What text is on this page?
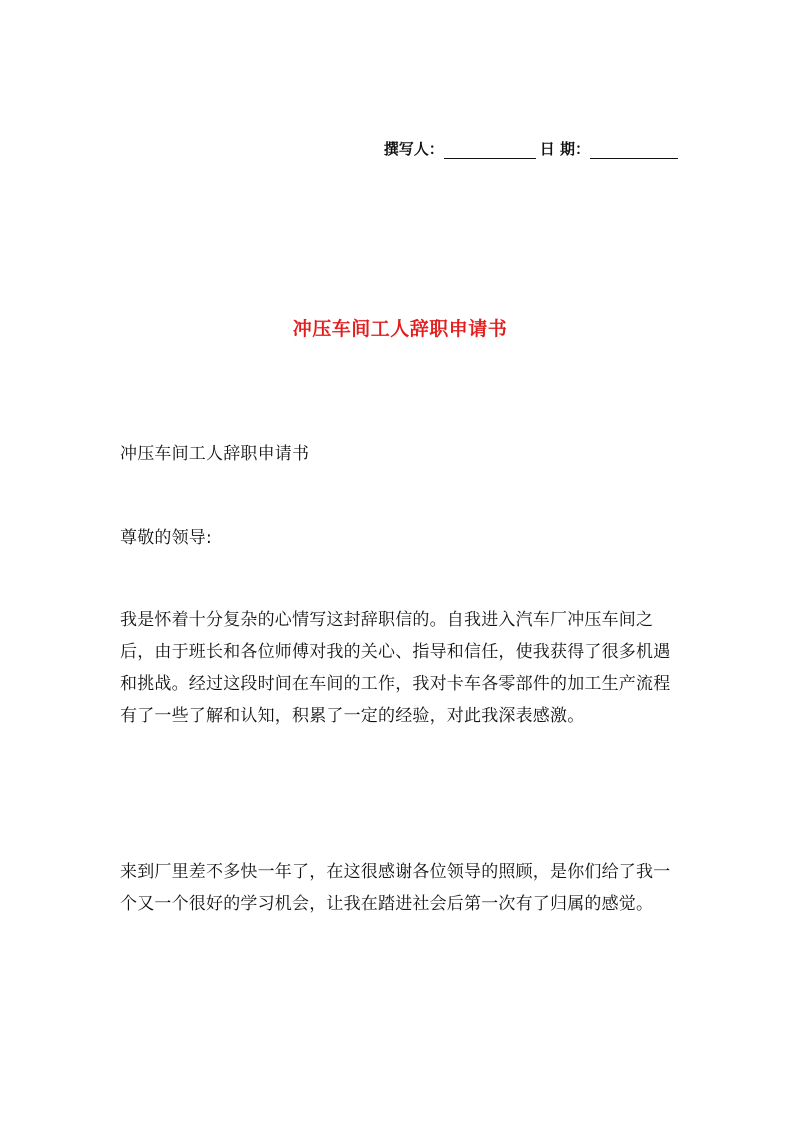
撰写人：	日 期：
冲压车间工人辞职申请书
冲压车间工人辞职申请书
尊敬的领导:

我是怀着十分复杂的心情写这封辞职信的。自我进入汽车厂冲压车间之后，由于班长和各位师傅对我的关心、指导和信任，使我获得了很多机遇和挑战。经过这段时间在车间的工作，我对卡车各零部件的加工生产流程有了一些了解和认知，积累了一定的经验，对此我深表感激。

来到厂里差不多快一年了，在这很感谢各位领导的照顾，是你们给了我一个又一个很好的学习机会，让我在踏进社会后第一次有了归属的感觉。
